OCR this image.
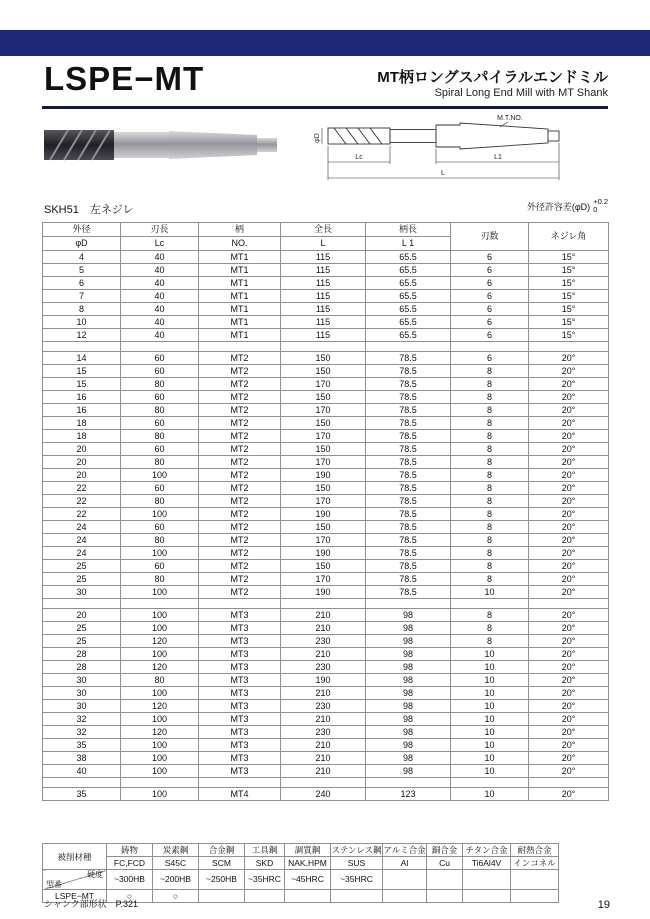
LSPE−MT	MT柄ロングスパイラルエンドミル
Spiral Long End Mill with MT Shank
M.T.NO.
φD
Lc	L1
L
SKH51　左ネジレ	外径許容差(φD) +0.2
0
外径	刃長	柄	全長	柄長	刃数	ネジレ角
φD	Lc	NO.	L	L 1		
4	40	MT1	115	65.5	6	15°
5	40	MT1	115	65.5	6	15°
6	40	MT1	115	65.5	6	15°
7	40	MT1	115	65.5	6	15°
8	40	MT1	115	65.5	6	15°
10	40	MT1	115	65.5	6	15°
12	40	MT1	115	65.5	6	15°

14	60	MT2	150	78.5	6	20°
15	60	MT2	150	78.5	8	20°
15	80	MT2	170	78.5	8	20°
16	60	MT2	150	78.5	8	20°
16	80	MT2	170	78.5	8	20°
18	60	MT2	150	78.5	8	20°
18	80	MT2	170	78.5	8	20°
20	60	MT2	150	78.5	8	20°
20	80	MT2	170	78.5	8	20°
20	100	MT2	190	78.5	8	20°
22	60	MT2	150	78.5	8	20°
22	80	MT2	170	78.5	8	20°
22	100	MT2	190	78.5	8	20°
24	60	MT2	150	78.5	8	20°
24	80	MT2	170	78.5	8	20°
24	100	MT2	190	78.5	8	20°
25	60	MT2	150	78.5	8	20°
25	80	MT2	170	78.5	8	20°
30	100	MT2	190	78.5	10	20°

20	100	MT3	210	98	8	20°
25	100	MT3	210	98	8	20°
25	120	MT3	230	98	8	20°
28	100	MT3	210	98	10	20°
28	120	MT3	230	98	10	20°
30	80	MT3	190	98	10	20°
30	100	MT3	210	98	10	20°
30	120	MT3	230	98	10	20°
32	100	MT3	210	98	10	20°
32	120	MT3	230	98	10	20°
35	100	MT3	210	98	10	20°
38	100	MT3	210	98	10	20°
40	100	MT3	210	98	10	20°

35	100	MT4	240	123	10	20°
被削材種	鋳物	炭素鋼	合金鋼	工具鋼	調質鋼	ステンレス鋼	アルミ合金	銅合金	チタン合金	耐熱合金
	FC,FCD	S45C	SCM	SKD	NAK,HPM	SUS	Al	Cu	Ti6Al4V	インコネル

硬度
型番	~300HB	~200HB	~250HB	~35HRC	~45HRC	~35HRC				
LSPE−MT	○	○								
シャンク部形状　P.321	19
